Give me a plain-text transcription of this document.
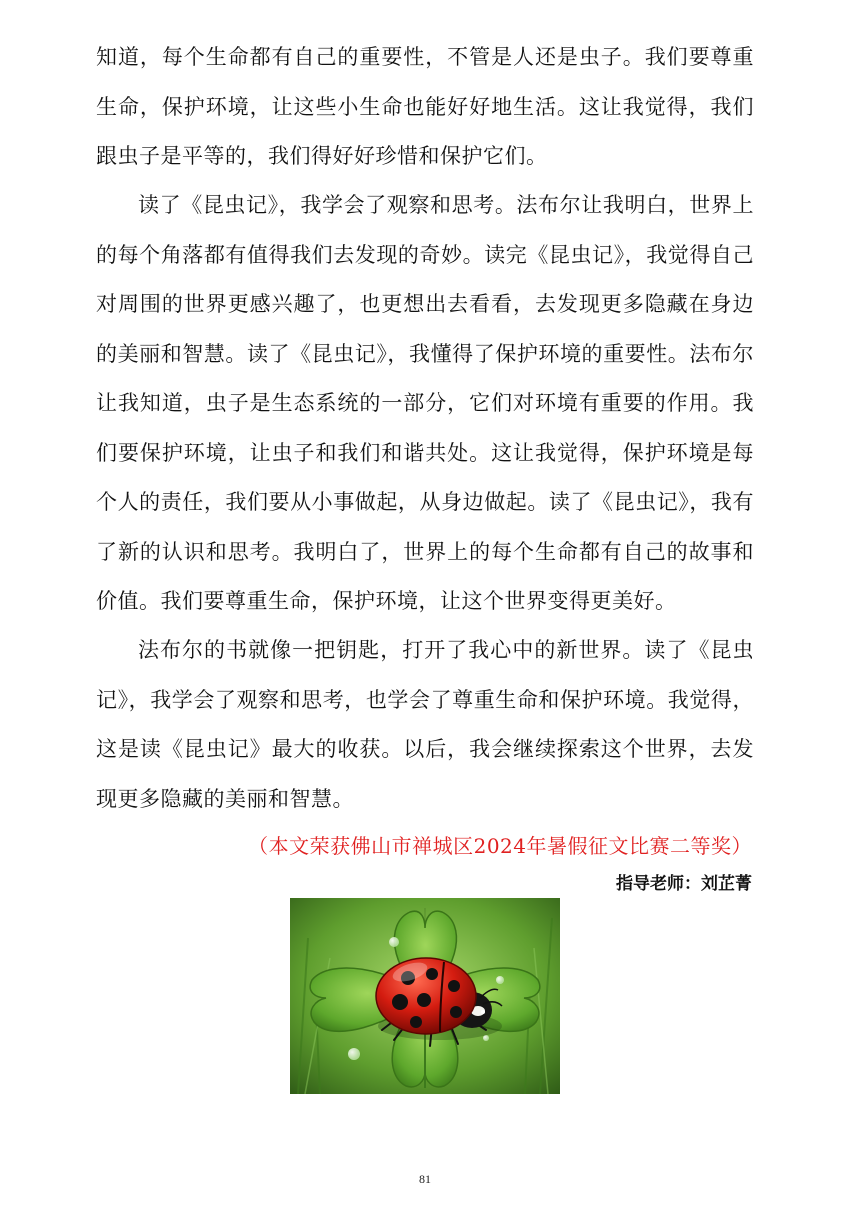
知道，每个生命都有自己的重要性，不管是人还是虫子。我们要尊重生命，保护环境，让这些小生命也能好好地生活。这让我觉得，我们跟虫子是平等的，我们得好好珍惜和保护它们。

读了《昆虫记》，我学会了观察和思考。法布尔让我明白，世界上的每个角落都有值得我们去发现的奇妙。读完《昆虫记》，我觉得自己对周围的世界更感兴趣了，也更想出去看看，去发现更多隐藏在身边的美丽和智慧。读了《昆虫记》，我懂得了保护环境的重要性。法布尔让我知道，虫子是生态系统的一部分，它们对环境有重要的作用。我们要保护环境，让虫子和我们和谐共处。这让我觉得，保护环境是每个人的责任，我们要从小事做起，从身边做起。读了《昆虫记》，我有了新的认识和思考。我明白了，世界上的每个生命都有自己的故事和价值。我们要尊重生命，保护环境，让这个世界变得更美好。

法布尔的书就像一把钥匙，打开了我心中的新世界。读了《昆虫记》，我学会了观察和思考，也学会了尊重生命和保护环境。我觉得，这是读《昆虫记》最大的收获。以后，我会继续探索这个世界，去发现更多隐藏的美丽和智慧。

（本文荣获佛山市禅城区2024年暑假征文比赛二等奖）
指导老师：刘芷菁
81
